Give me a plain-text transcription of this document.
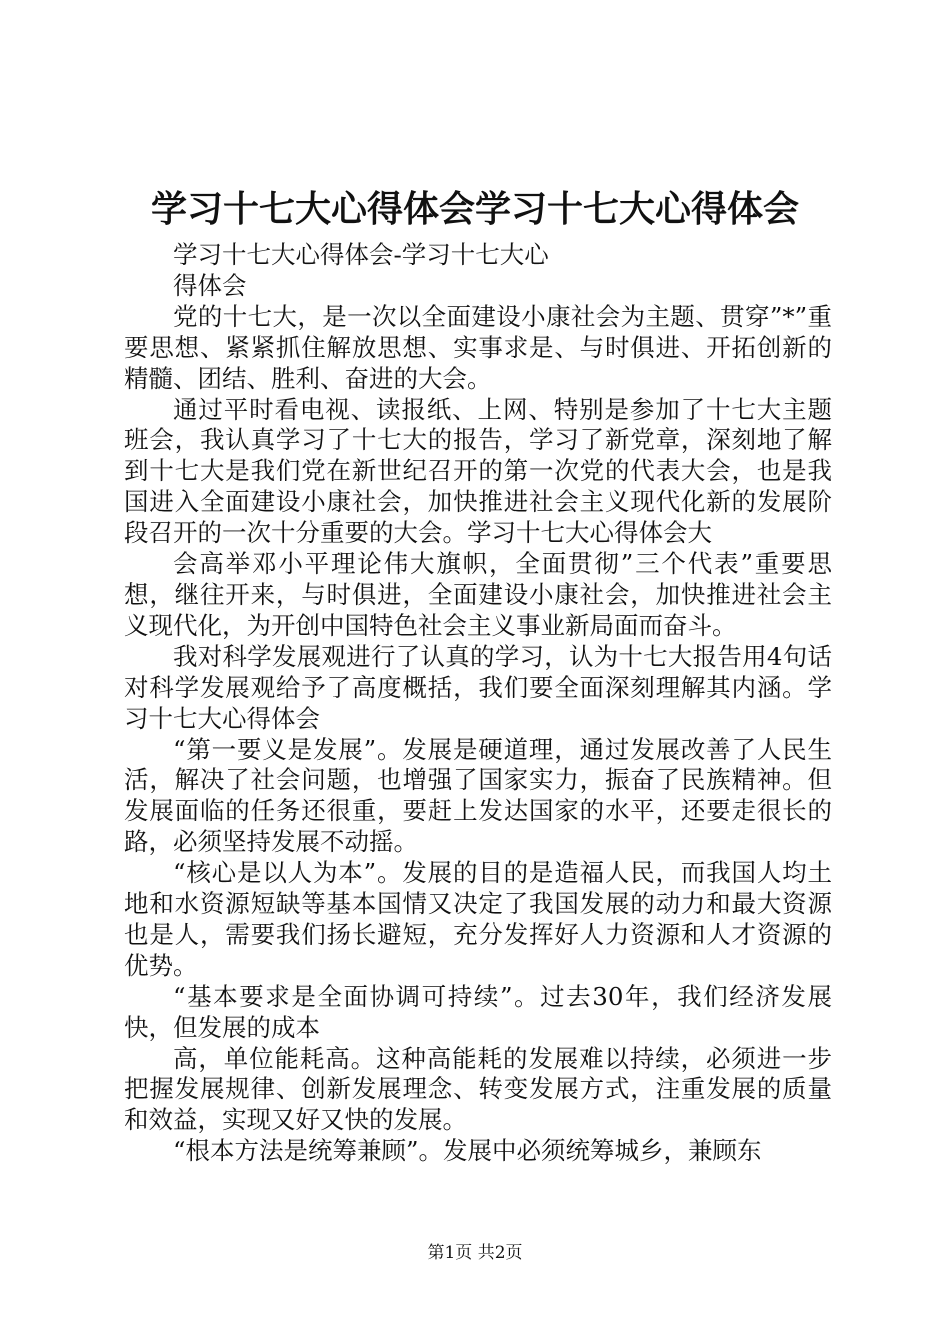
学习十七大心得体会学习十七大心得体会

学习十七大心得体会-学习十七大心

得体会

党的十七大，是一次以全面建设小康社会为主题、贯穿”*”重要思想、紧紧抓住解放思想、实事求是、与时俱进、开拓创新的精髓、团结、胜利、奋进的大会。

通过平时看电视、读报纸、上网、特别是参加了十七大主题班会，我认真学习了十七大的报告，学习了新党章，深刻地了解到十七大是我们党在新世纪召开的第一次党的代表大会，也是我国进入全面建设小康社会，加快推进社会主义现代化新的发展阶段召开的一次十分重要的大会。学习十七大心得体会大

会高举邓小平理论伟大旗帜，全面贯彻”三个代表”重要思想，继往开来，与时俱进，全面建设小康社会，加快推进社会主义现代化，为开创中国特色社会主义事业新局面而奋斗。

我对科学发展观进行了认真的学习，认为十七大报告用4句话对科学发展观给予了高度概括，我们要全面深刻理解其内涵。学习十七大心得体会

“第一要义是发展”。发展是硬道理，通过发展改善了人民生活，解决了社会问题，也增强了国家实力，振奋了民族精神。但发展面临的任务还很重，要赶上发达国家的水平，还要走很长的路，必须坚持发展不动摇。

“核心是以人为本”。发展的目的是造福人民，而我国人均土地和水资源短缺等基本国情又决定了我国发展的动力和最大资源也是人，需要我们扬长避短，充分发挥好人力资源和人才资源的优势。

“基本要求是全面协调可持续”。过去30年，我们经济发展快，但发展的成本

高，单位能耗高。这种高能耗的发展难以持续，必须进一步把握发展规律、创新发展理念、转变发展方式，注重发展的质量和效益，实现又好又快的发展。

“根本方法是统筹兼顾”。发展中必须统筹城乡，兼顾东

第1页 共2页
